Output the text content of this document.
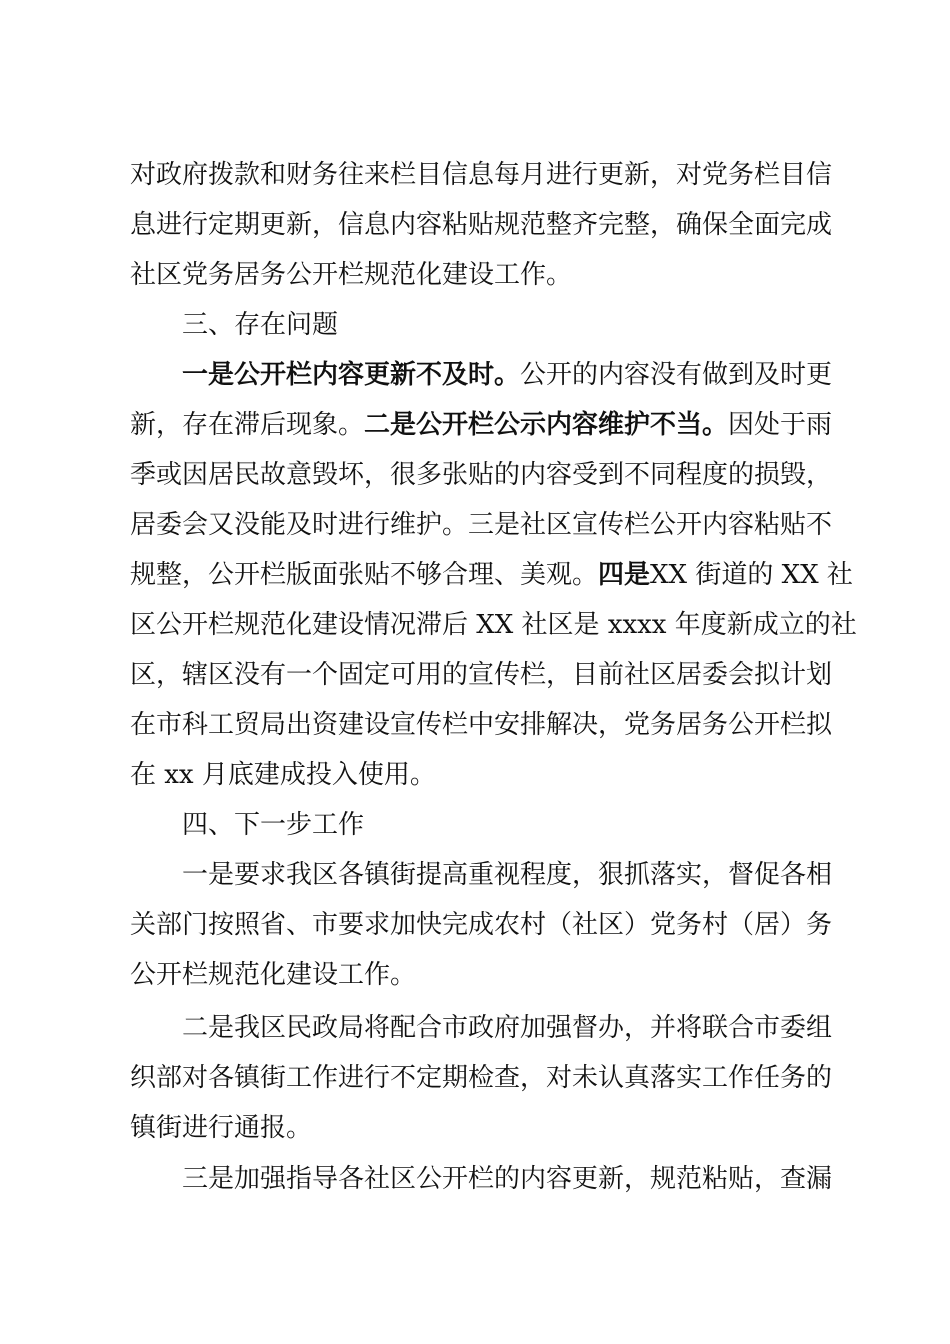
对政府拨款和财务往来栏目信息每月进行更新，对党务栏目信
息进行定期更新，信息内容粘贴规范整齐完整，确保全面完成
社区党务居务公开栏规范化建设工作。
三、存在问题
一是公开栏内容更新不及时。公开的内容没有做到及时更
新，存在滞后现象。二是公开栏公示内容维护不当。因处于雨
季或因居民故意毁坏，很多张贴的内容受到不同程度的损毁，
居委会又没能及时进行维护。三是社区宣传栏公开内容粘贴不
规整，公开栏版面张贴不够合理、美观。四是XX 街道的 XX 社
区公开栏规范化建设情况滞后 XX 社区是 xxxx 年度新成立的社
区，辖区没有一个固定可用的宣传栏，目前社区居委会拟计划
在市科工贸局出资建设宣传栏中安排解决，党务居务公开栏拟
在 xx 月底建成投入使用。
四、下一步工作
一是要求我区各镇街提高重视程度，狠抓落实，督促各相
关部门按照省、市要求加快完成农村（社区）党务村（居）务
公开栏规范化建设工作。
二是我区民政局将配合市政府加强督办，并将联合市委组
织部对各镇街工作进行不定期检查，对未认真落实工作任务的
镇街进行通报。
三是加强指导各社区公开栏的内容更新，规范粘贴，查漏
